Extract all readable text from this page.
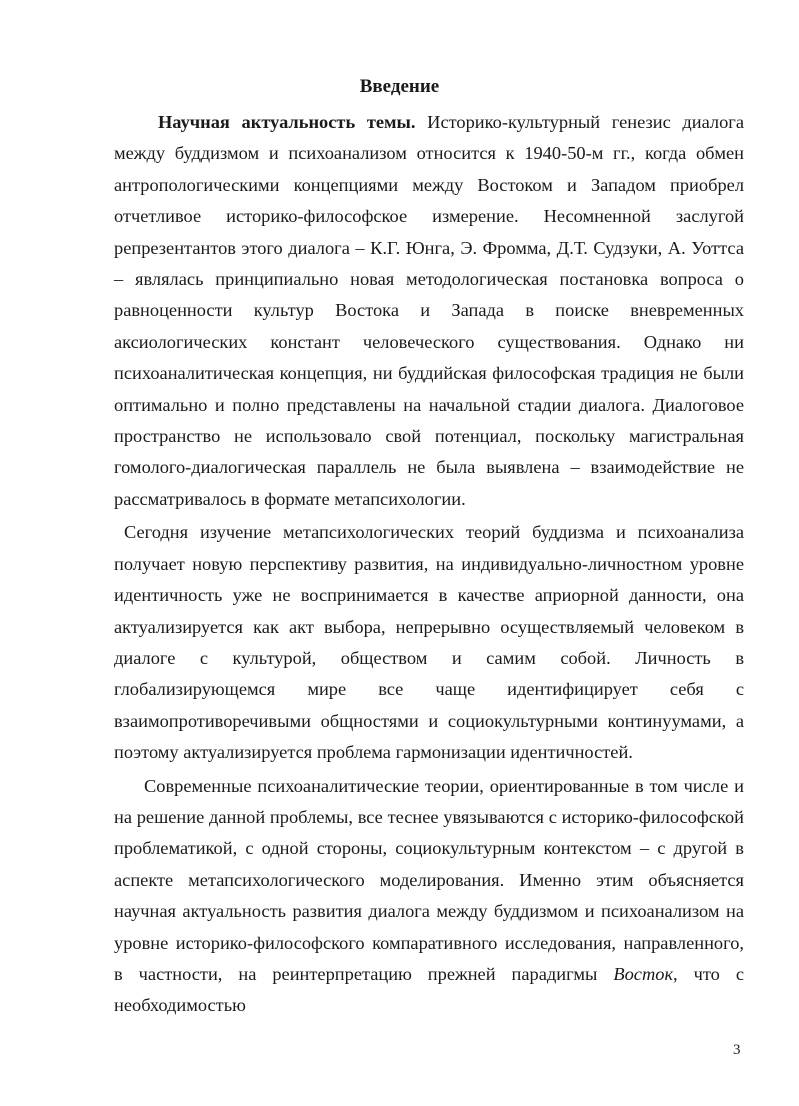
Введение

Научная актуальность темы. Историко-культурный генезис диалога между буддизмом и психоанализом относится к 1940-50-м гг., когда обмен антропологическими концепциями между Востоком и Западом приобрел отчетливое историко-философское измерение. Несомненной заслугой репрезентантов этого диалога – К.Г. Юнга, Э. Фромма, Д.Т. Судзуки, А. Уоттса – являлась принципиально новая методологическая постановка вопроса о равноценности культур Востока и Запада в поиске вневременных аксиологических констант человеческого существования. Однако ни психоаналитическая концепция, ни буддийская философская традиция не были оптимально и полно представлены на начальной стадии диалога. Диалоговое пространство не использовало свой потенциал, поскольку магистральная гомолого-диалогическая параллель не была выявлена – взаимодействие не рассматривалось в формате метапсихологии.

Сегодня изучение метапсихологических теорий буддизма и психоанализа получает новую перспективу развития, на индивидуально-личностном уровне идентичность уже не воспринимается в качестве априорной данности, она актуализируется как акт выбора, непрерывно осуществляемый человеком в диалоге с культурой, обществом и самим собой. Личность в глобализирующемся мире все чаще идентифицирует себя с взаимопротиворечивыми общностями и социокультурными континуумами, а поэтому актуализируется проблема гармонизации идентичностей.

Современные психоаналитические теории, ориентированные в том числе и на решение данной проблемы, все теснее увязываются с историко-философской проблематикой, с одной стороны, социокультурным контекстом – с другой в аспекте метапсихологического моделирования. Именно этим объясняется научная актуальность развития диалога между буддизмом и психоанализом на уровне историко-философского компаративного исследования, направленного, в частности, на реинтерпретацию прежней парадигмы Восток, что с необходимостью

3
